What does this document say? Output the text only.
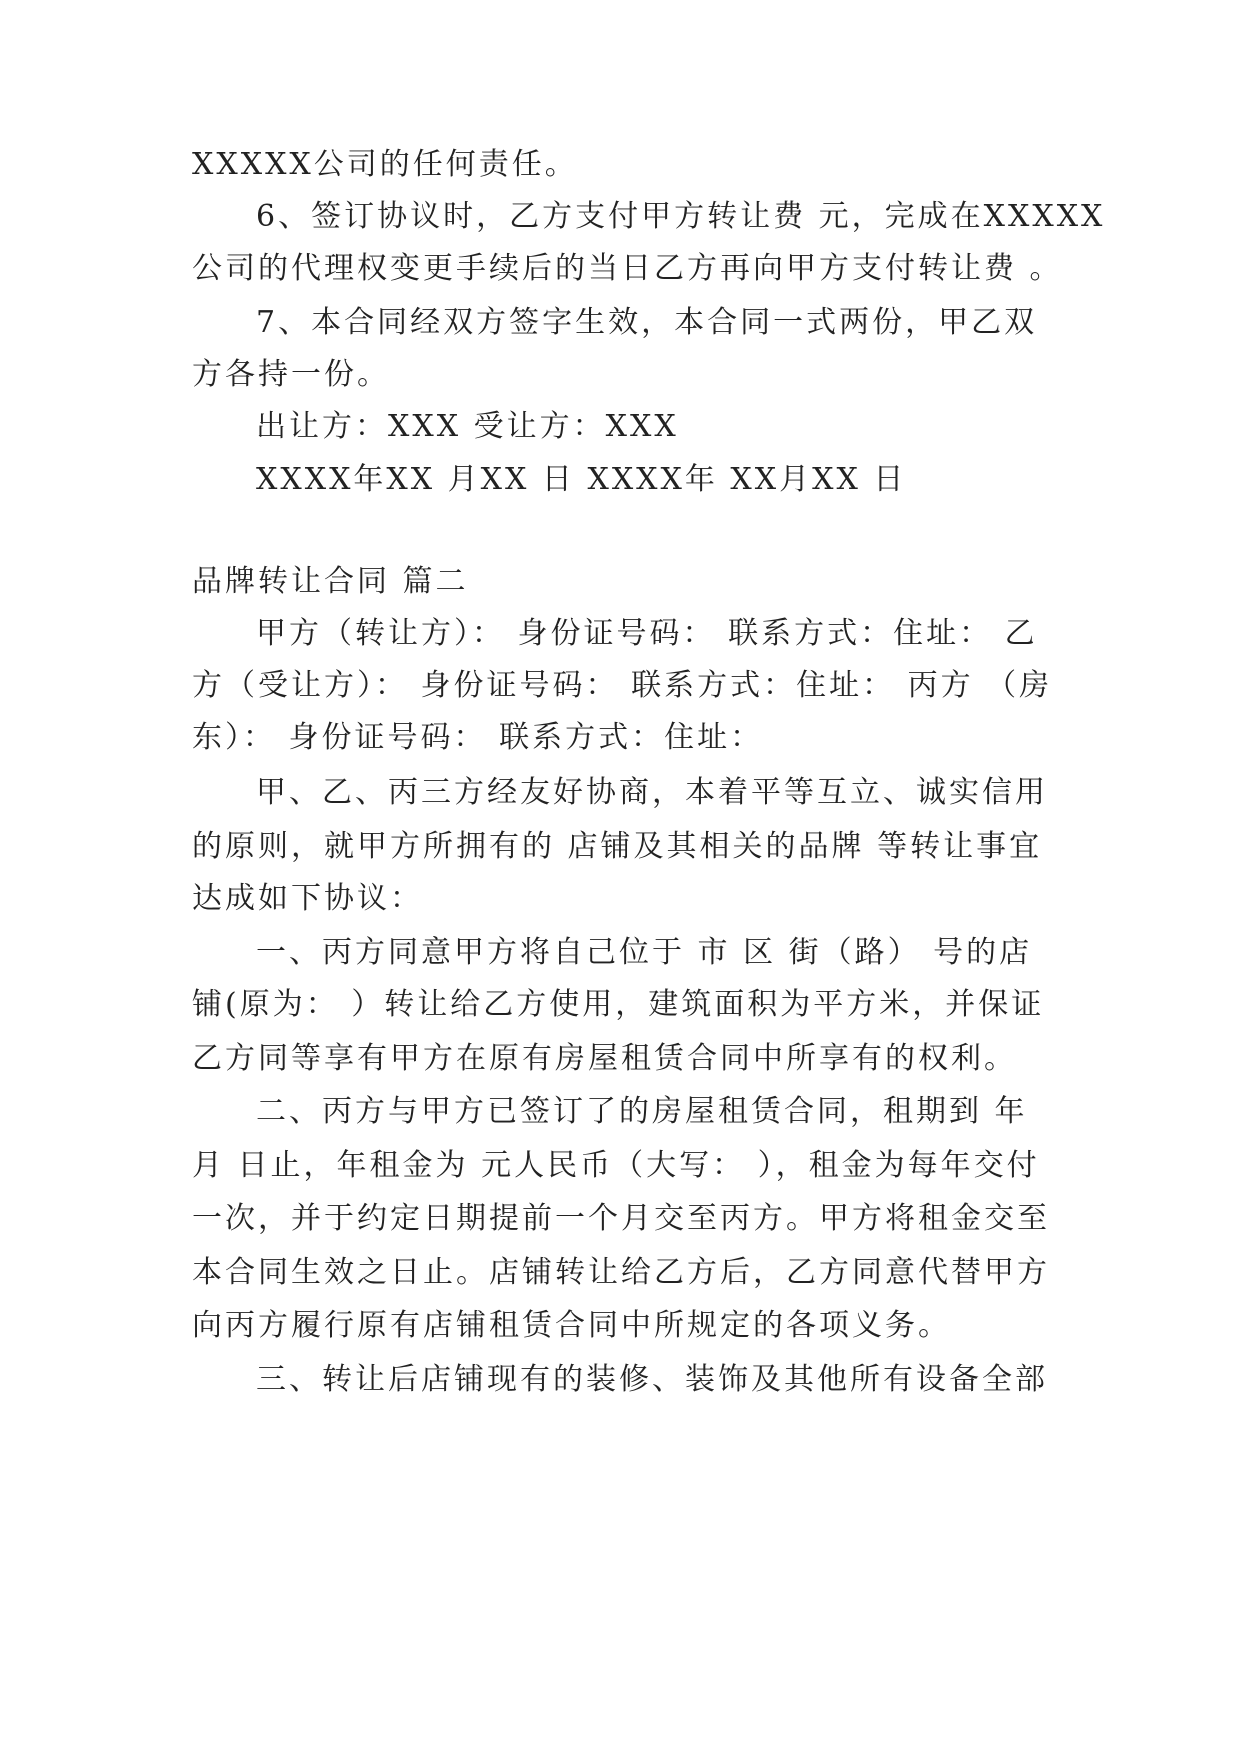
XXXXX公司的任何责任。
6、签订协议时，乙方支付甲方转让费 元，完成在XXXXX
公司的代理权变更手续后的当日乙方再向甲方支付转让费 。
7、本合同经双方签字生效，本合同一式两份，甲乙双
方各持一份。
出让方：XXX 受让方：XXX
XXXX年XX 月XX 日 XXXX年 XX月XX 日
品牌转让合同 篇二
甲方（转让方）： 身份证号码： 联系方式：住址： 乙
方（受让方）： 身份证号码： 联系方式：住址： 丙方 （房
东）： 身份证号码： 联系方式：住址：
甲、乙、丙三方经友好协商，本着平等互立、诚实信用
的原则，就甲方所拥有的 店铺及其相关的品牌 等转让事宜
达成如下协议：
一、丙方同意甲方将自己位于 市 区 街（路） 号的店
铺(原为： ）转让给乙方使用，建筑面积为平方米，并保证
乙方同等享有甲方在原有房屋租赁合同中所享有的权利。
二、丙方与甲方已签订了的房屋租赁合同，租期到 年
月 日止，年租金为 元人民币（大写： ），租金为每年交付
一次，并于约定日期提前一个月交至丙方。甲方将租金交至
本合同生效之日止。店铺转让给乙方后，乙方同意代替甲方
向丙方履行原有店铺租赁合同中所规定的各项义务。
三、转让后店铺现有的装修、装饰及其他所有设备全部
